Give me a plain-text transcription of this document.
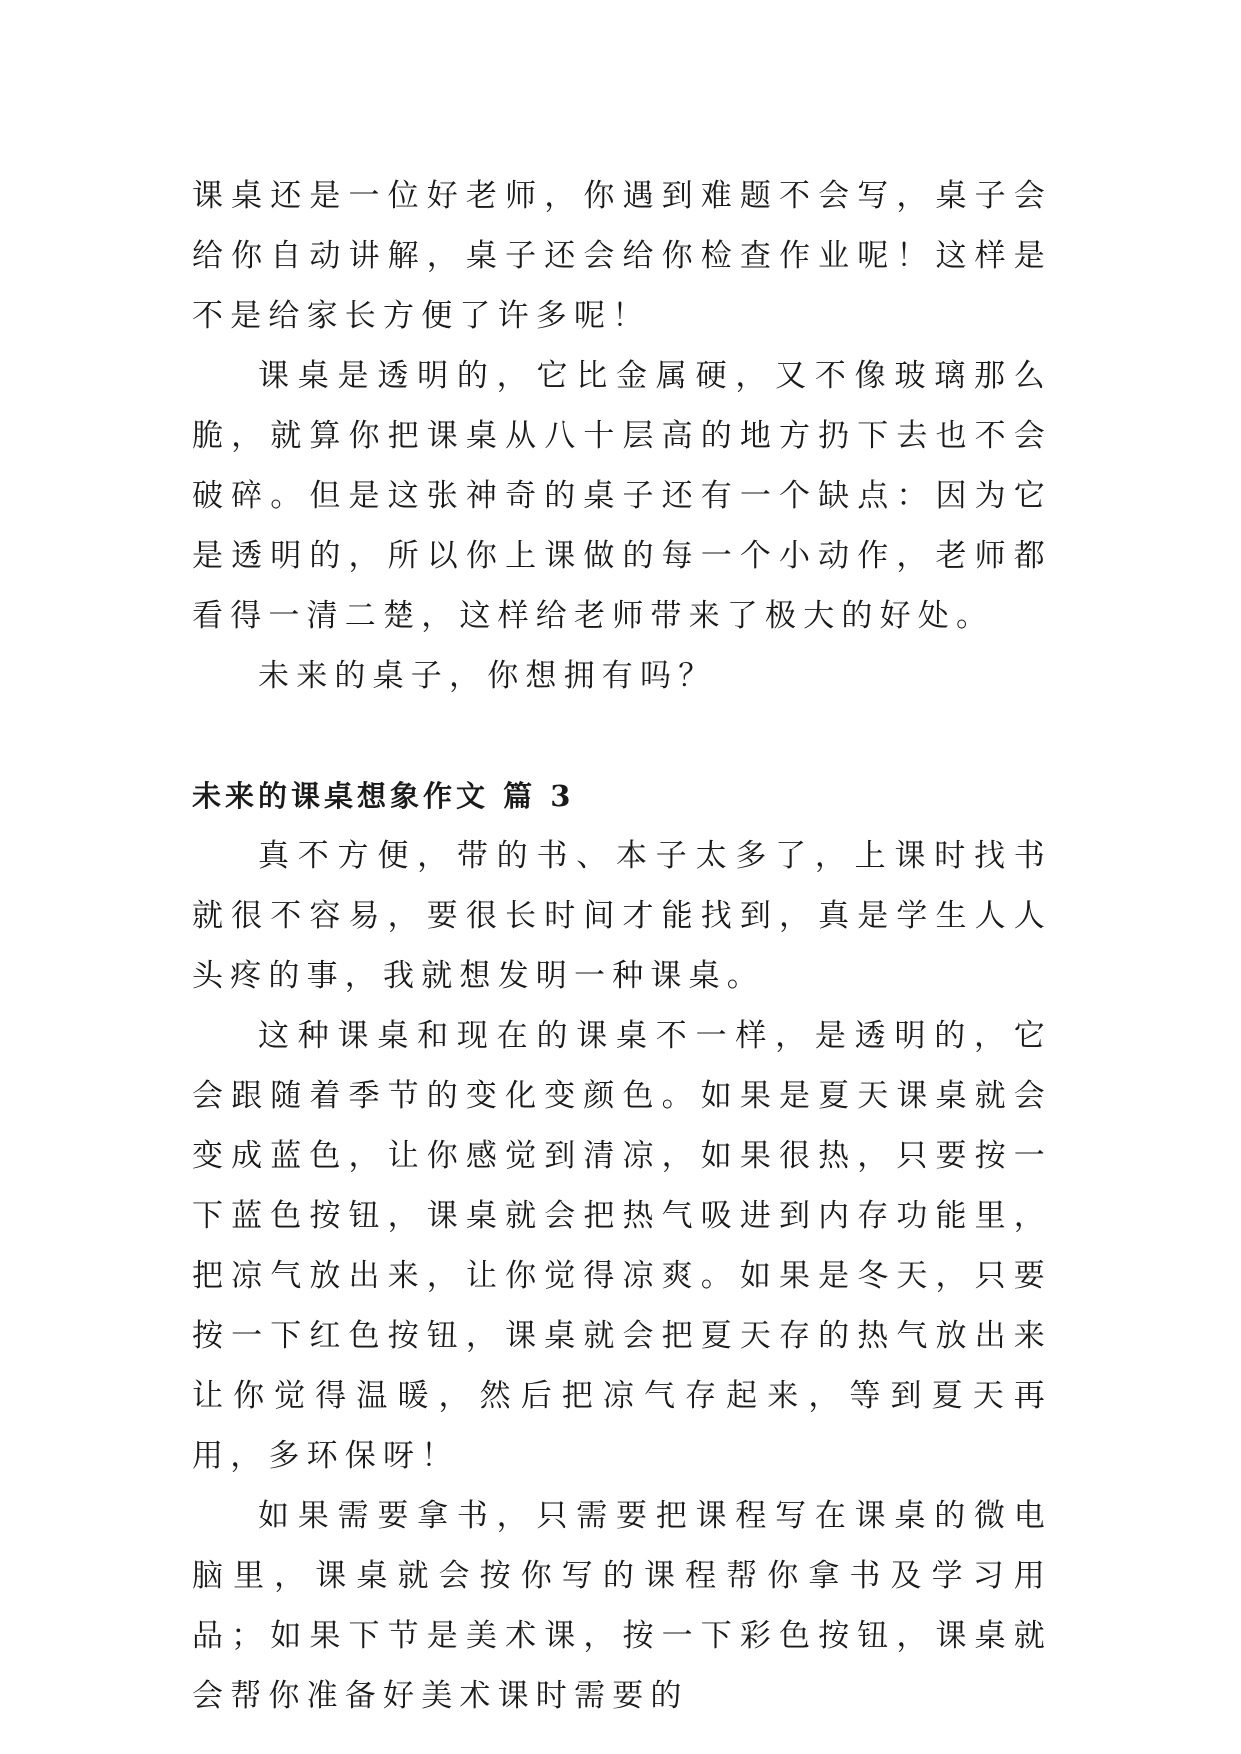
课桌还是一位好老师，你遇到难题不会写，桌子会给你自动讲解，桌子还会给你检查作业呢！这样是不是给家长方便了许多呢！

课桌是透明的，它比金属硬，又不像玻璃那么脆，就算你把课桌从八十层高的地方扔下去也不会破碎。但是这张神奇的桌子还有一个缺点：因为它是透明的，所以你上课做的每一个小动作，老师都看得一清二楚，这样给老师带来了极大的好处。

未来的桌子，你想拥有吗？

未来的课桌想象作文 篇 3

真不方便，带的书、本子太多了，上课时找书就很不容易，要很长时间才能找到，真是学生人人头疼的事，我就想发明一种课桌。

这种课桌和现在的课桌不一样，是透明的，它会跟随着季节的变化变颜色。如果是夏天课桌就会变成蓝色，让你感觉到清凉，如果很热，只要按一下蓝色按钮，课桌就会把热气吸进到内存功能里，把凉气放出来，让你觉得凉爽。如果是冬天，只要按一下红色按钮，课桌就会把夏天存的热气放出来让你觉得温暖，然后把凉气存起来，等到夏天再用，多环保呀！

如果需要拿书，只需要把课程写在课桌的微电脑里，课桌就会按你写的课程帮你拿书及学习用品；如果下节是美术课，按一下彩色按钮，课桌就会帮你准备好美术课时需要的
